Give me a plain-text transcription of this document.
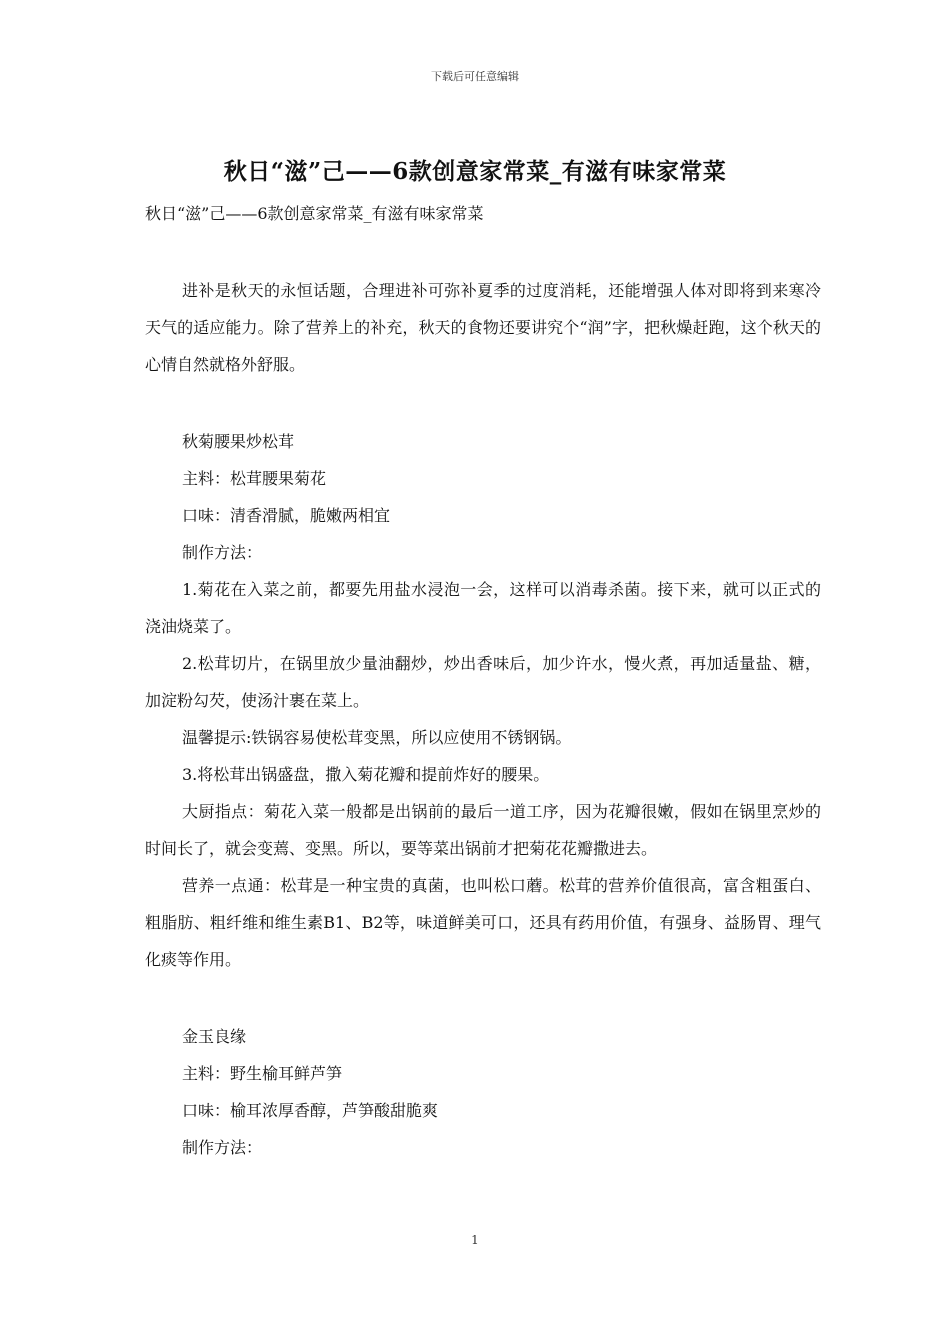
下载后可任意编辑
秋日“滋”己——6款创意家常菜_有滋有味家常菜
秋日“滋”己——6款创意家常菜_有滋有味家常菜

进补是秋天的永恒话题，合理进补可弥补夏季的过度消耗，还能增强人体对即将到来寒冷天气的适应能力。除了营养上的补充，秋天的食物还要讲究个“润”字，把秋燥赶跑，这个秋天的心情自然就格外舒服。

秋菊腰果炒松茸

主料：松茸腰果菊花

口味：清香滑腻，脆嫩两相宜

制作方法：

1.菊花在入菜之前，都要先用盐水浸泡一会，这样可以消毒杀菌。接下来，就可以正式的浇油烧菜了。

2.松茸切片，在锅里放少量油翻炒，炒出香味后，加少许水，慢火煮，再加适量盐、糖，加淀粉勾芡，使汤汁裹在菜上。

温馨提示:铁锅容易使松茸变黑，所以应使用不锈钢锅。

3.将松茸出锅盛盘，撒入菊花瓣和提前炸好的腰果。

大厨指点：菊花入菜一般都是出锅前的最后一道工序，因为花瓣很嫩，假如在锅里烹炒的时间长了，就会变蔫、变黑。所以，要等菜出锅前才把菊花花瓣撒进去。

营养一点通：松茸是一种宝贵的真菌，也叫松口蘑。松茸的营养价值很高，富含粗蛋白、粗脂肪、粗纤维和维生素B1、B2等，味道鲜美可口，还具有药用价值，有强身、益肠胃、理气化痰等作用。

金玉良缘

主料：野生榆耳鲜芦笋

口味：榆耳浓厚香醇，芦笋酸甜脆爽

制作方法：

1
